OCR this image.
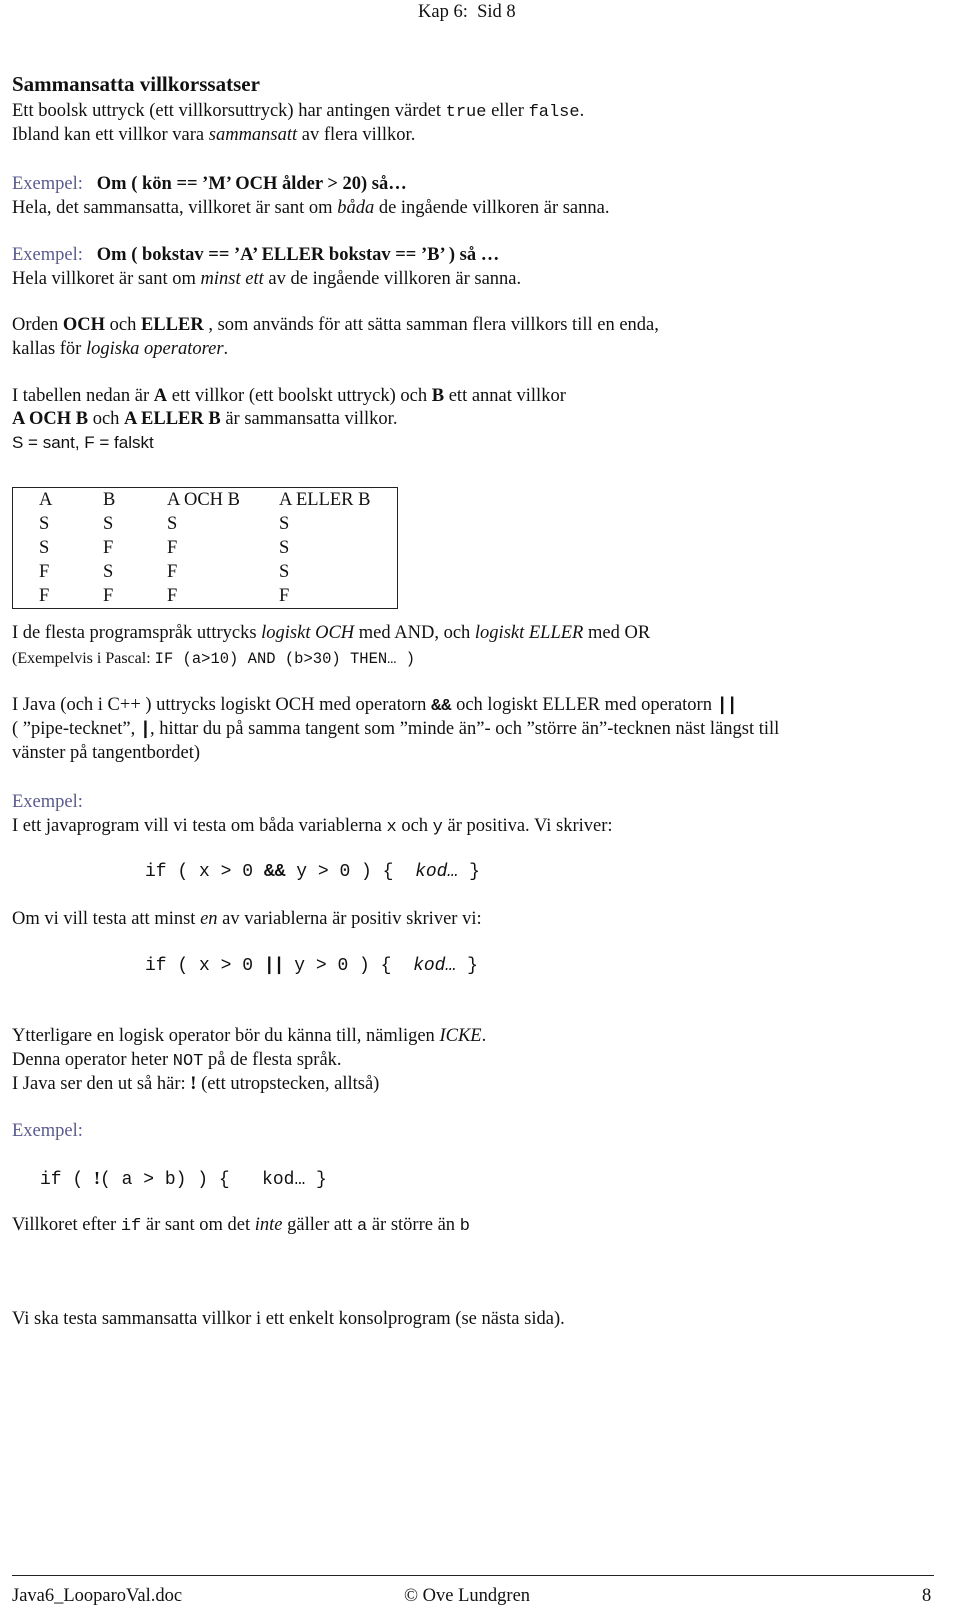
Kap 6: Sid 8
Sammansatta villkorssatser
Ett boolsk uttryck (ett villkorsuttryck) har antingen värdet true eller false.
Ibland kan ett villkor vara sammansatt av flera villkor.
Exempel: Om ( kön == ’M’ OCH ålder > 20) så…
Hela, det sammansatta, villkoret är sant om båda de ingående villkoren är sanna.
Exempel: Om ( bokstav == ’A’ ELLER bokstav == ’B’ ) så …
Hela villkoret är sant om minst ett av de ingående villkoren är sanna.
Orden OCH och ELLER , som används för att sätta samman flera villkors till en enda,
kallas för logiska operatorer.
I tabellen nedan är A ett villkor (ett boolskt uttryck) och B ett annat villkor
A OCH B och A ELLER B är sammansatta villkor.
S = sant, F = falskt
A	B	A OCH B	A ELLER B
S	S	S	S
S	F	F	S
F	S	F	S
F	F	F	F
I de flesta programspråk uttrycks logiskt OCH med AND, och logiskt ELLER med OR
(Exempelvis i Pascal: IF (a>10) AND (b>30) THEN… )
I Java (och i C++ ) uttrycks logiskt OCH med operatorn && och logiskt ELLER med operatorn ||
( ”pipe-tecknet”, |, hittar du på samma tangent som ”minde än”- och ”större än”-tecknen näst längst till
vänster på tangentbordet)
Exempel:
I ett javaprogram vill vi testa om båda variablerna x och y är positiva. Vi skriver:
if ( x > 0 && y > 0 ) {  kod… }
Om vi vill testa att minst en av variablerna är positiv skriver vi:
if ( x > 0 || y > 0 ) {  kod… }
Ytterligare en logisk operator bör du känna till, nämligen ICKE.
Denna operator heter NOT på de flesta språk.
I Java ser den ut så här: ! (ett utropstecken, alltså)
Exempel:
if ( !( a > b) ) {   kod… }
Villkoret efter if är sant om det inte gäller att a är större än b
Vi ska testa sammansatta villkor i ett enkelt konsolprogram (se nästa sida).
Java6_LooparoVal.doc	© Ove Lundgren	8
